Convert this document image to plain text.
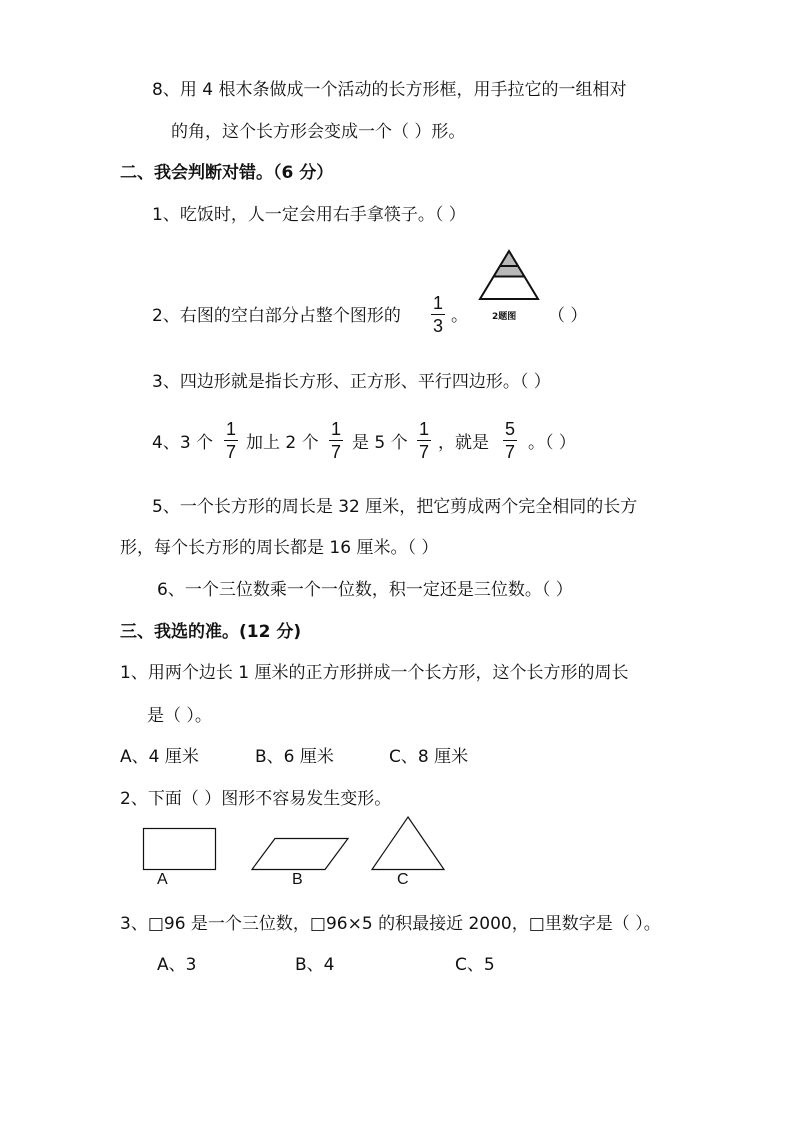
8、用 4 根木条做成一个活动的长方形框，用手拉它的一组相对
的角，这个长方形会变成一个（ ）形。
二、我会判断对错。（6 分）
1、吃饭时，人一定会用右手拿筷子。（ ）
2、右图的空白部分占整个图形的
1
3 。	2题图 （ ）
3、四边形就是指长方形、正方形、平行四边形。（ ）
4、3 个
1
7 加上 2 个
1
7 是 5 个
1
7 ，就是
5
7 。（ ）
5、一个长方形的周长是 32 厘米，把它剪成两个完全相同的长方
形，每个长方形的周长都是 16 厘米。（ ）
6、一个三位数乘一个一位数，积一定还是三位数。（ ）
三、我选的准。(12 分)
1、用两个边长 1 厘米的正方形拼成一个长方形，这个长方形的周长
是（ ）。
A、4 厘米	B、6 厘米	C、8 厘米
2、下面（ ）图形不容易发生变形。
A	B	C
3、□96 是一个三位数，□96×5 的积最接近 2000，□里数字是（ ）。
A、3	B、4	C、5
